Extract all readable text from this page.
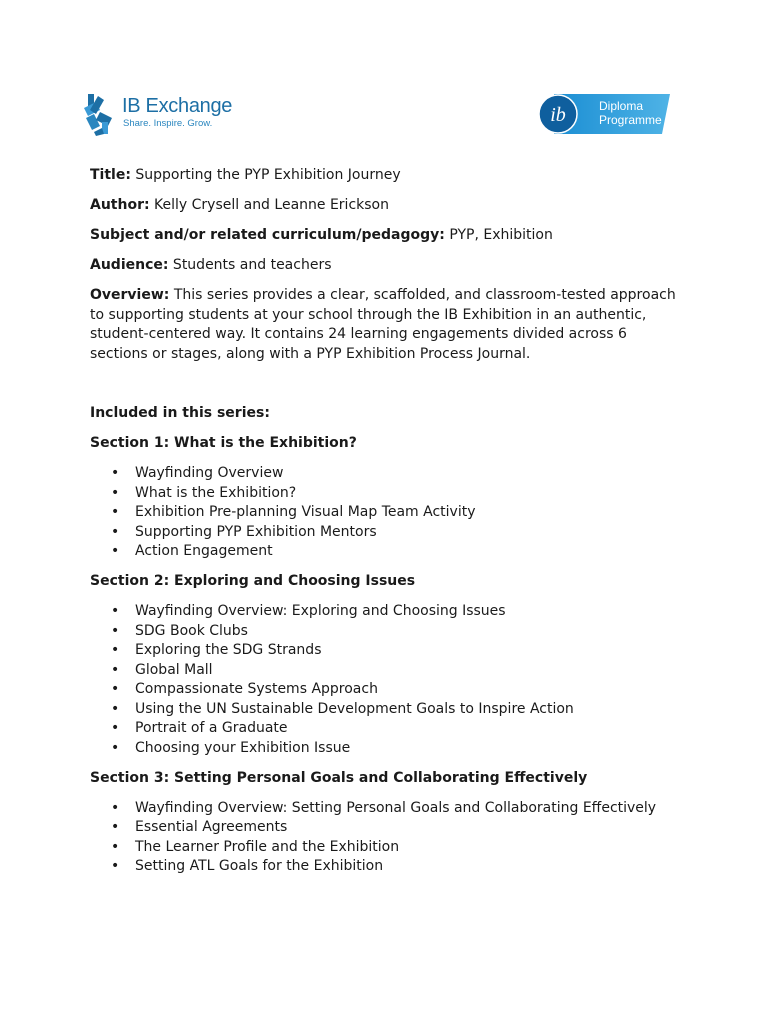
IB Exchange
Share. Inspire. Grow.	ib	Diploma
Programme

Title: Supporting the PYP Exhibition Journey

Author: Kelly Crysell and Leanne Erickson

Subject and/or related curriculum/pedagogy: PYP, Exhibition

Audience: Students and teachers

Overview: This series provides a clear, scaffolded, and classroom-tested approach to supporting students at your school through the IB Exhibition in an authentic, student-centered way. It contains 24 learning engagements divided across 6 sections or stages, along with a PYP Exhibition Process Journal.

Included in this series:

Section 1: What is the Exhibition?

• Wayfinding Overview
• What is the Exhibition?
• Exhibition Pre-planning Visual Map Team Activity
• Supporting PYP Exhibition Mentors
• Action Engagement

Section 2: Exploring and Choosing Issues

• Wayfinding Overview: Exploring and Choosing Issues
• SDG Book Clubs
• Exploring the SDG Strands
• Global Mall
• Compassionate Systems Approach
• Using the UN Sustainable Development Goals to Inspire Action
• Portrait of a Graduate
• Choosing your Exhibition Issue

Section 3: Setting Personal Goals and Collaborating Effectively

• Wayfinding Overview: Setting Personal Goals and Collaborating Effectively
• Essential Agreements
• The Learner Profile and the Exhibition
• Setting ATL Goals for the Exhibition
